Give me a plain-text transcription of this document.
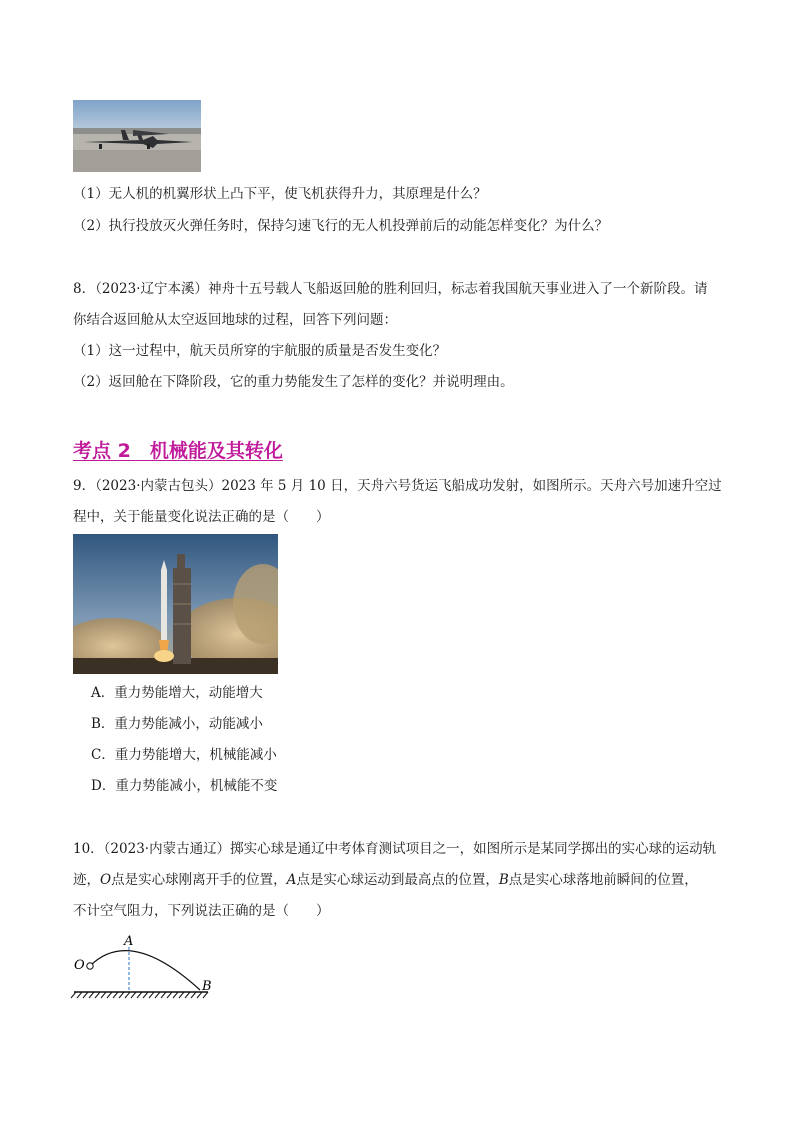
（1）无人机的机翼形状上凸下平，使飞机获得升力，其原理是什么？
（2）执行投放灭火弹任务时，保持匀速飞行的无人机投弹前后的动能怎样变化？为什么？
8．（2023·辽宁本溪）神舟十五号载人飞船返回舱的胜利回归，标志着我国航天事业进入了一个新阶段。请
你结合返回舱从太空返回地球的过程，回答下列问题：
（1）这一过程中，航天员所穿的宇航服的质量是否发生变化？
（2）返回舱在下降阶段，它的重力势能发生了怎样的变化？并说明理由。
考点 2　机械能及其转化
9．（2023·内蒙古包头）2023 年 5 月 10 日，天舟六号货运飞船成功发射，如图所示。天舟六号加速升空过
程中，关于能量变化说法正确的是（　　）
A．重力势能增大，动能增大
B．重力势能减小，动能减小
C．重力势能增大，机械能减小
D．重力势能减小，机械能不变
10．（2023·内蒙古通辽）掷实心球是通辽中考体育测试项目之一，如图所示是某同学掷出的实心球的运动轨
迹，O点是实心球刚离开手的位置，A点是实心球运动到最高点的位置，B点是实心球落地前瞬间的位置，
不计空气阻力，下列说法正确的是（　　）
O
A
B
